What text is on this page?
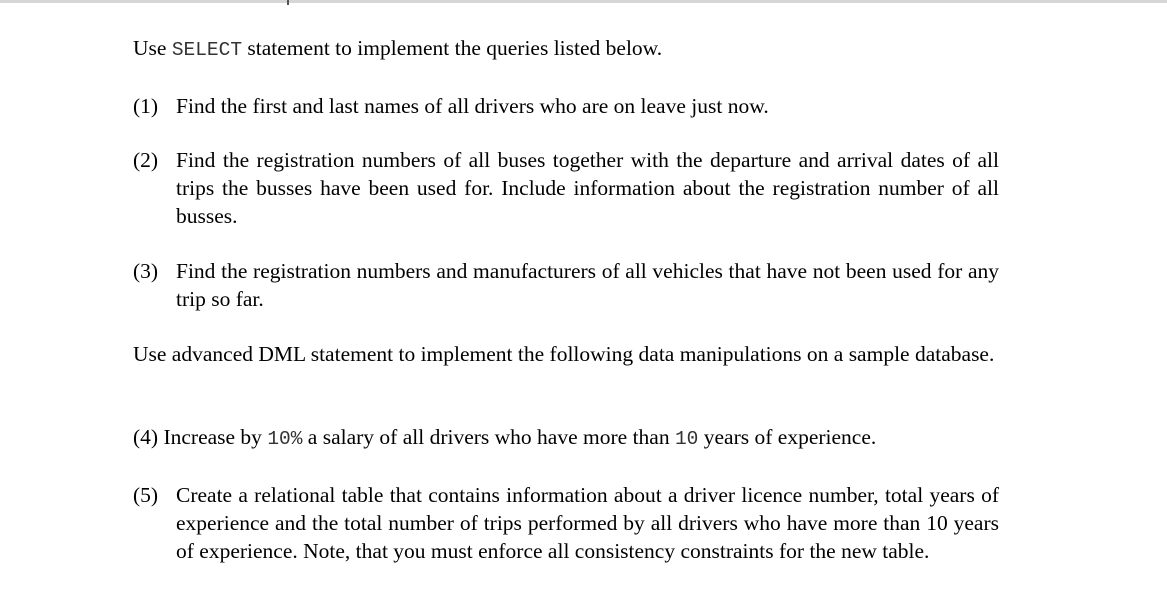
Use SELECT statement to implement the queries listed below.

(1) Find the first and last names of all drivers who are on leave just now.
(2) Find the registration numbers of all buses together with the departure and arrival dates of all trips the busses have been used for. Include information about the registration number of all busses.
(3) Find the registration numbers and manufacturers of all vehicles that have not been used for any trip so far.

Use advanced DML statement to implement the following data manipulations on a sample database.

(4) Increase by 10% a salary of all drivers who have more than 10 years of experience.

(5) Create a relational table that contains information about a driver licence number, total years of experience and the total number of trips performed by all drivers who have more than 10 years of experience. Note, that you must enforce all consistency constraints for the new table.
